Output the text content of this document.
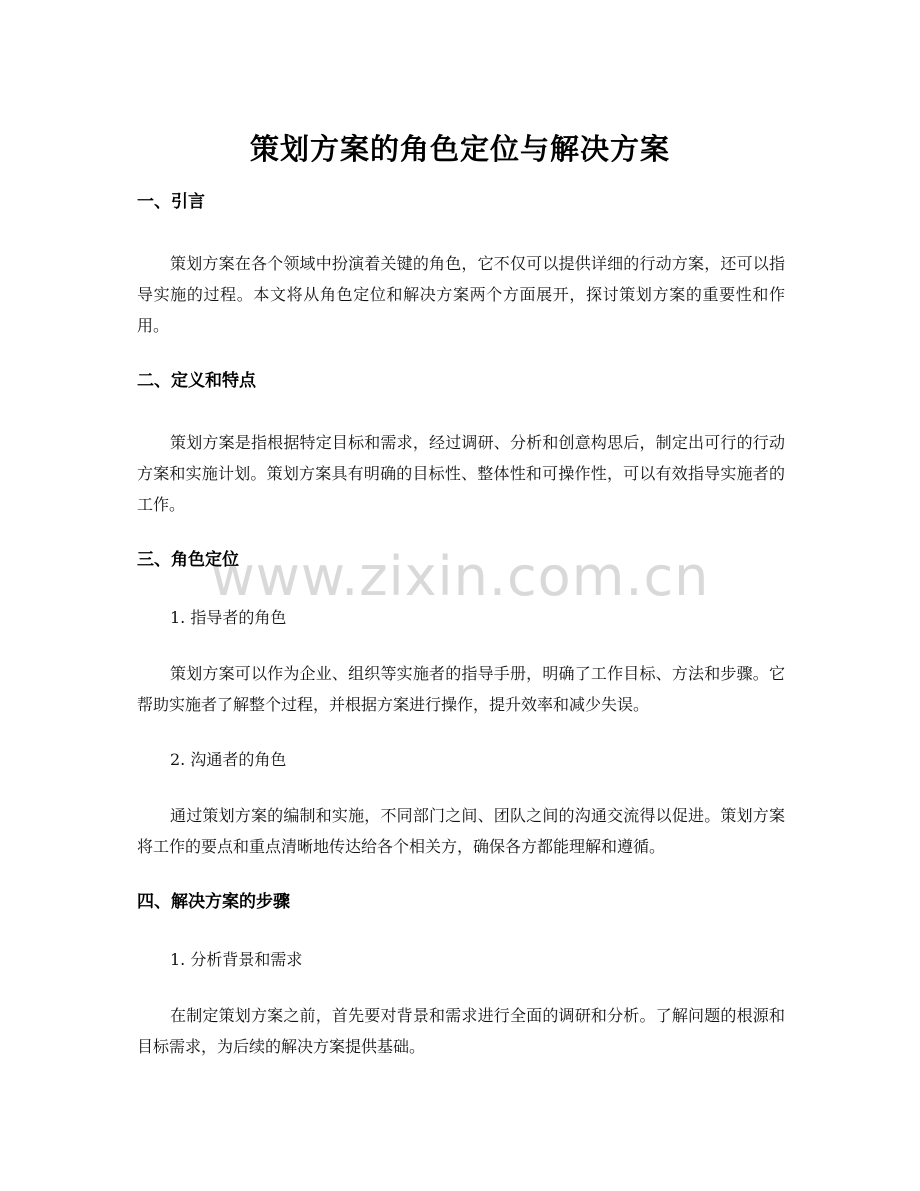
www.zixin.com.cn
策划方案的角色定位与解决方案
一、引言

策划方案在各个领域中扮演着关键的角色，它不仅可以提供详细的行动方案，还可以指导实施的过程。本文将从角色定位和解决方案两个方面展开，探讨策划方案的重要性和作用。

二、定义和特点

策划方案是指根据特定目标和需求，经过调研、分析和创意构思后，制定出可行的行动方案和实施计划。策划方案具有明确的目标性、整体性和可操作性，可以有效指导实施者的工作。

三、角色定位

1. 指导者的角色

策划方案可以作为企业、组织等实施者的指导手册，明确了工作目标、方法和步骤。它帮助实施者了解整个过程，并根据方案进行操作，提升效率和减少失误。

2. 沟通者的角色

通过策划方案的编制和实施，不同部门之间、团队之间的沟通交流得以促进。策划方案将工作的要点和重点清晰地传达给各个相关方，确保各方都能理解和遵循。

四、解决方案的步骤

1. 分析背景和需求

在制定策划方案之前，首先要对背景和需求进行全面的调研和分析。了解问题的根源和目标需求，为后续的解决方案提供基础。
